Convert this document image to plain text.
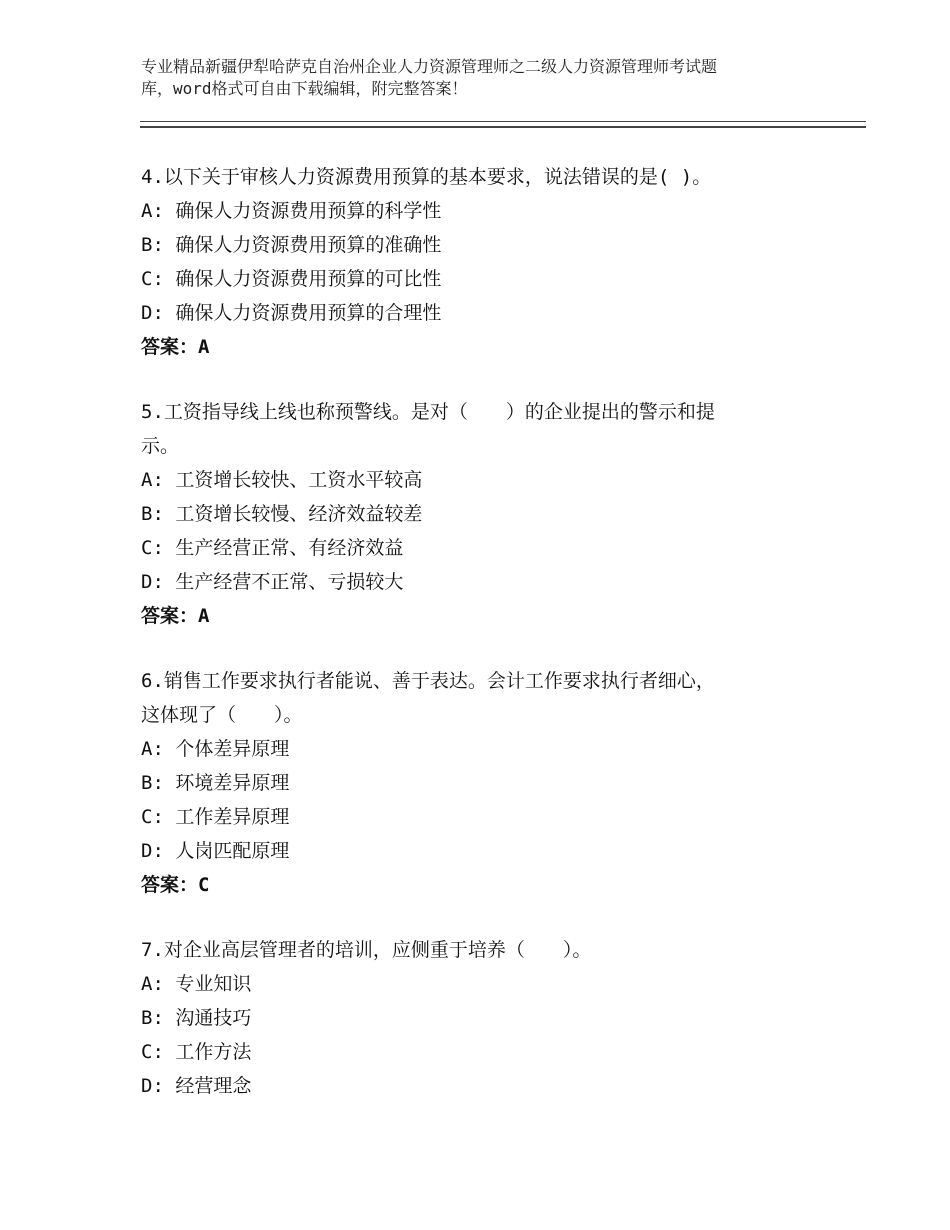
专业精品新疆伊犁哈萨克自治州企业人力资源管理师之二级人力资源管理师考试题
库，word格式可自由下载编辑，附完整答案！
4.以下关于审核人力资源费用预算的基本要求，说法错误的是( )。
A: 确保人力资源费用预算的科学性
B: 确保人力资源费用预算的准确性
C: 确保人力资源费用预算的可比性
D: 确保人力资源费用预算的合理性
答案：A
5.工资指导线上线也称预警线。是对（　　）的企业提出的警示和提
示。
A: 工资增长较快、工资水平较高
B: 工资增长较慢、经济效益较差
C: 生产经营正常、有经济效益
D: 生产经营不正常、亏损较大
答案：A
6.销售工作要求执行者能说、善于表达。会计工作要求执行者细心，
这体现了（　　）。
A: 个体差异原理
B: 环境差异原理
C: 工作差异原理
D: 人岗匹配原理
答案：C
7.对企业高层管理者的培训，应侧重于培养（　　）。
A: 专业知识
B: 沟通技巧
C: 工作方法
D: 经营理念
